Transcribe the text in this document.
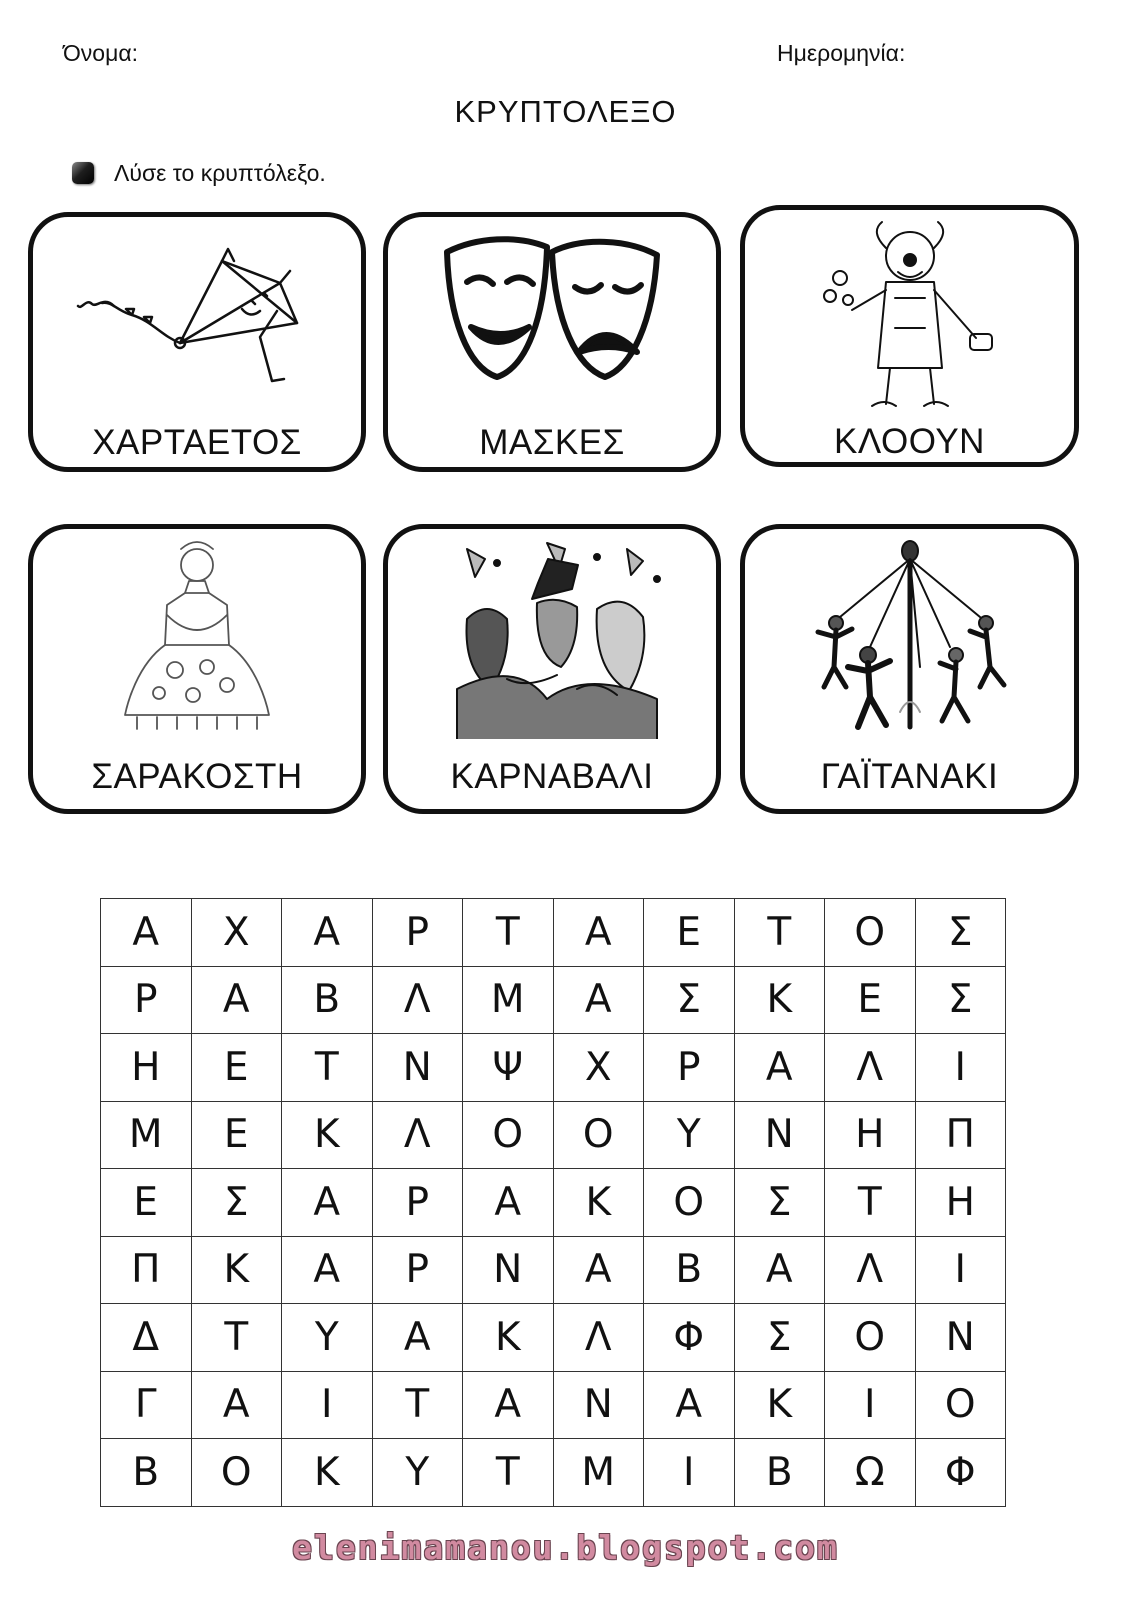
Όνομα:	Ημερομηνία:
ΚΡΥΠΤΟΛΕΞΟ
Λύσε το κρυπτόλεξο.
ΧΑΡΤΑΕΤΟΣ	ΜΑΣΚΕΣ	ΚΛΟΟΥΝ
ΣΑΡΑΚΟΣΤΗ	ΚΑΡΝΑΒΑΛΙ	ΓΑΪΤΑΝΑΚΙ
Α	Χ	Α	Ρ	Τ	Α	Ε	Τ	Ο	Σ
Ρ	Α	Β	Λ	Μ	Α	Σ	Κ	Ε	Σ
Η	Ε	Τ	Ν	Ψ	Χ	Ρ	Α	Λ	Ι
Μ	Ε	Κ	Λ	Ο	Ο	Υ	Ν	Η	Π
Ε	Σ	Α	Ρ	Α	Κ	Ο	Σ	Τ	Η
Π	Κ	Α	Ρ	Ν	Α	Β	Α	Λ	Ι
Δ	Τ	Υ	Α	Κ	Λ	Φ	Σ	Ο	Ν
Γ	Α	Ι	Τ	Α	Ν	Α	Κ	Ι	Ο
Β	Ο	Κ	Υ	Τ	Μ	Ι	Β	Ω	Φ
elenimamanou.blogspot.com
